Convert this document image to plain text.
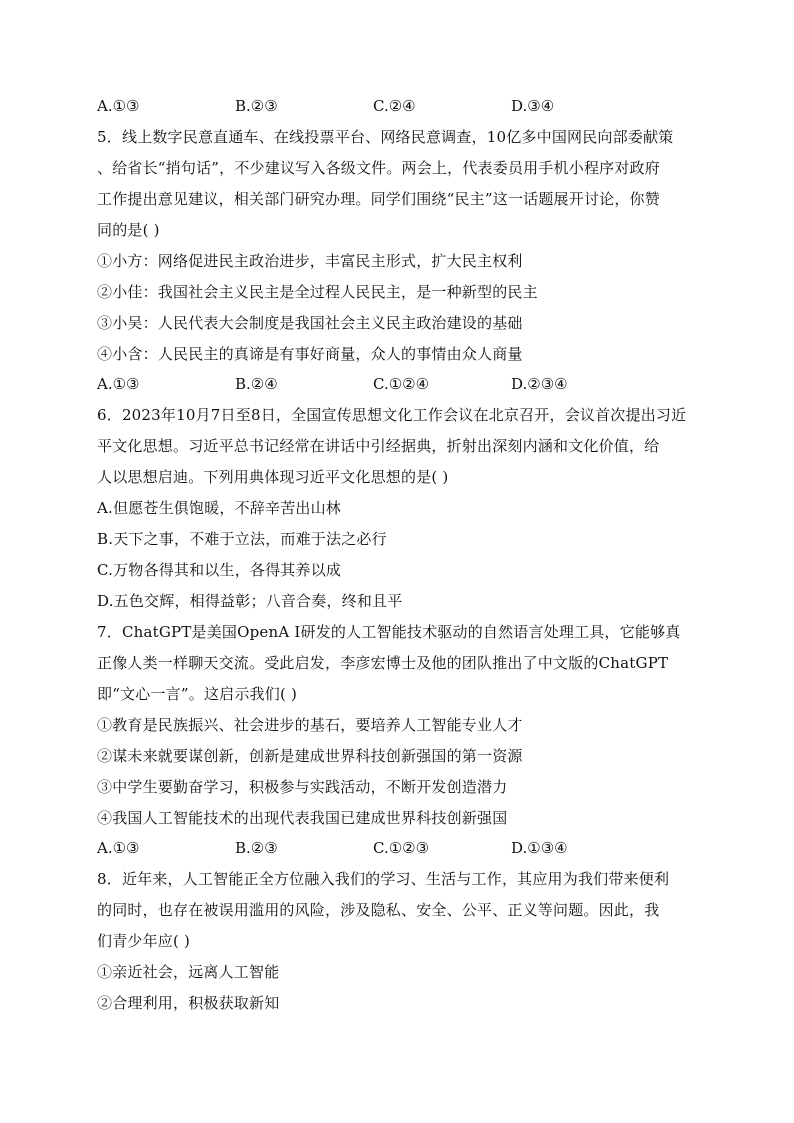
A.①③	B.②③	C.②④	D.③④
5．线上数字民意直通车、在线投票平台、网络民意调查，10亿多中国网民向部委献策
、给省长“捎句话”，不少建议写入各级文件。两会上，代表委员用手机小程序对政府
工作提出意见建议，相关部门研究办理。同学们围绕“民主”这一话题展开讨论，你赞
同的是( )
①小方：网络促进民主政治进步，丰富民主形式，扩大民主权利
②小佳：我国社会主义民主是全过程人民民主，是一种新型的民主
③小吴：人民代表大会制度是我国社会主义民主政治建设的基础
④小含：人民民主的真谛是有事好商量，众人的事情由众人商量
A.①③	B.②④	C.①②④	D.②③④
6．2023年10月7日至8日，全国宣传思想文化工作会议在北京召开，会议首次提出习近
平文化思想。习近平总书记经常在讲话中引经据典，折射出深刻内涵和文化价值，给
人以思想启迪。下列用典体现习近平文化思想的是( )
A.但愿苍生俱饱暖，不辞辛苦出山林
B.天下之事，不难于立法，而难于法之必行
C.万物各得其和以生，各得其养以成
D.五色交辉，相得益彰；八音合奏，终和且平
7．ChatGPT是美国OpenA Ⅰ研发的人工智能技术驱动的自然语言处理工具，它能够真
正像人类一样聊天交流。受此启发，李彦宏博士及他的团队推出了中文版的ChatGPT
即“文心一言”。这启示我们( )
①教育是民族振兴、社会进步的基石，要培养人工智能专业人才
②谋未来就要谋创新，创新是建成世界科技创新强国的第一资源
③中学生要勤奋学习，积极参与实践活动，不断开发创造潜力
④我国人工智能技术的出现代表我国已建成世界科技创新强国
A.①③	B.②③	C.①②③	D.①③④
8．近年来，人工智能正全方位融入我们的学习、生活与工作，其应用为我们带来便利
的同时，也存在被误用滥用的风险，涉及隐私、安全、公平、正义等问题。因此，我
们青少年应( )
①亲近社会，远离人工智能
②合理利用，积极获取新知
